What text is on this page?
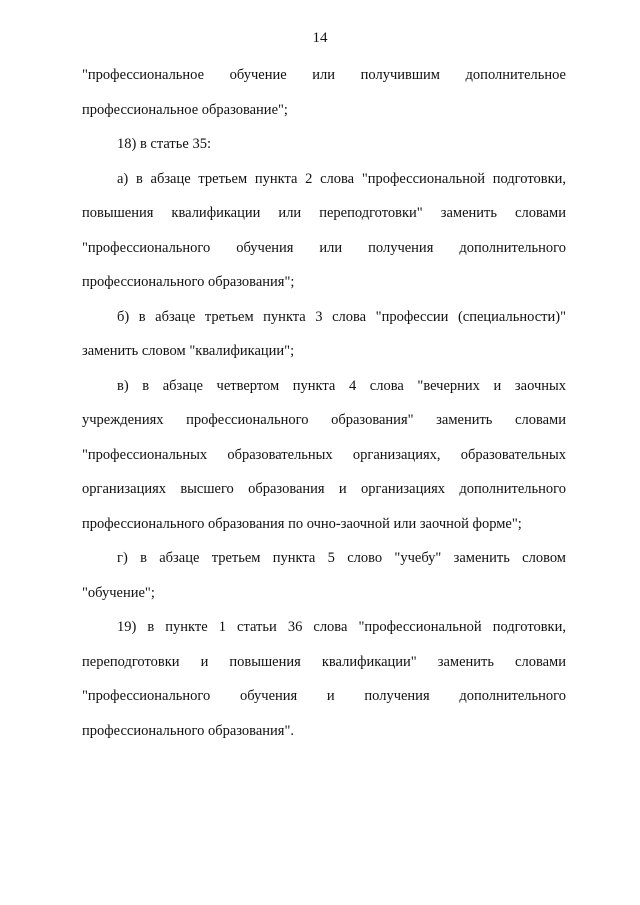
14
"профессиональное обучение или получившим дополнительное
профессиональное образование";
18) в статье 35:
а) в абзаце третьем пункта 2 слова "профессиональной подготовки,
повышения квалификации или переподготовки" заменить словами
"профессионального обучения или получения дополнительного
профессионального образования";
б) в абзаце третьем пункта 3 слова "профессии (специальности)"
заменить словом "квалификации";
в) в абзаце четвертом пункта 4 слова "вечерних и заочных
учреждениях профессионального образования" заменить словами
"профессиональных образовательных организациях, образовательных
организациях высшего образования и организациях дополнительного
профессионального образования по очно-заочной или заочной форме";
г) в абзаце третьем пункта 5 слово "учебу" заменить словом
"обучение";
19) в пункте 1 статьи 36 слова "профессиональной подготовки,
переподготовки и повышения квалификации" заменить словами
"профессионального обучения и получения дополнительного
профессионального образования".
